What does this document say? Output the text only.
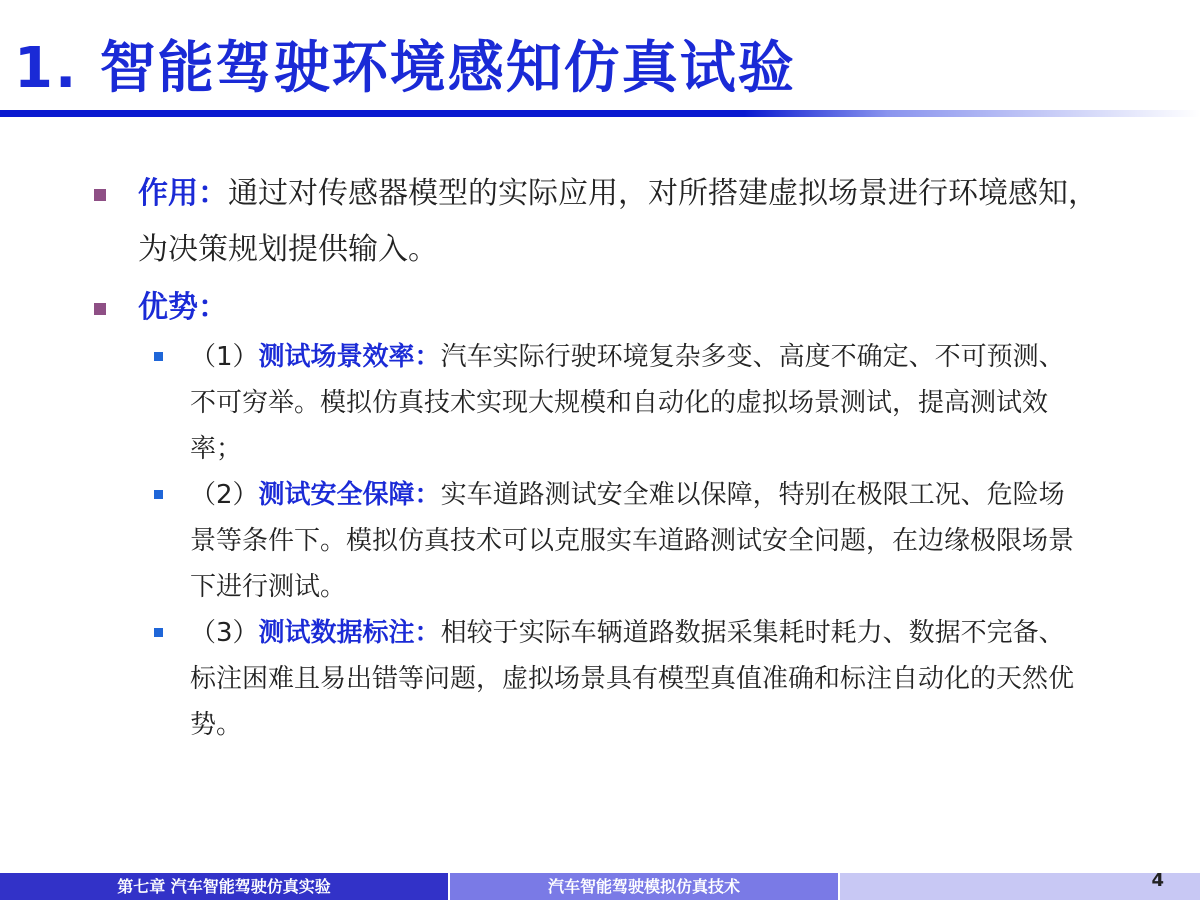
1. 智能驾驶环境感知仿真试验
作用：通过对传感器模型的实际应用，对所搭建虚拟场景进行环境感知，为决策规划提供输入。
优势：
（1）测试场景效率：汽车实际行驶环境复杂多变、高度不确定、不可预测、不可穷举。模拟仿真技术实现大规模和自动化的虚拟场景测试，提高测试效率；
（2）测试安全保障：实车道路测试安全难以保障，特别在极限工况、危险场景等条件下。模拟仿真技术可以克服实车道路测试安全问题，在边缘极限场景下进行测试。
（3）测试数据标注：相较于实际车辆道路数据采集耗时耗力、数据不完备、标注困难且易出错等问题，虚拟场景具有模型真值准确和标注自动化的天然优势。
第七章 汽车智能驾驶仿真实验	汽车智能驾驶模拟仿真技术	4
